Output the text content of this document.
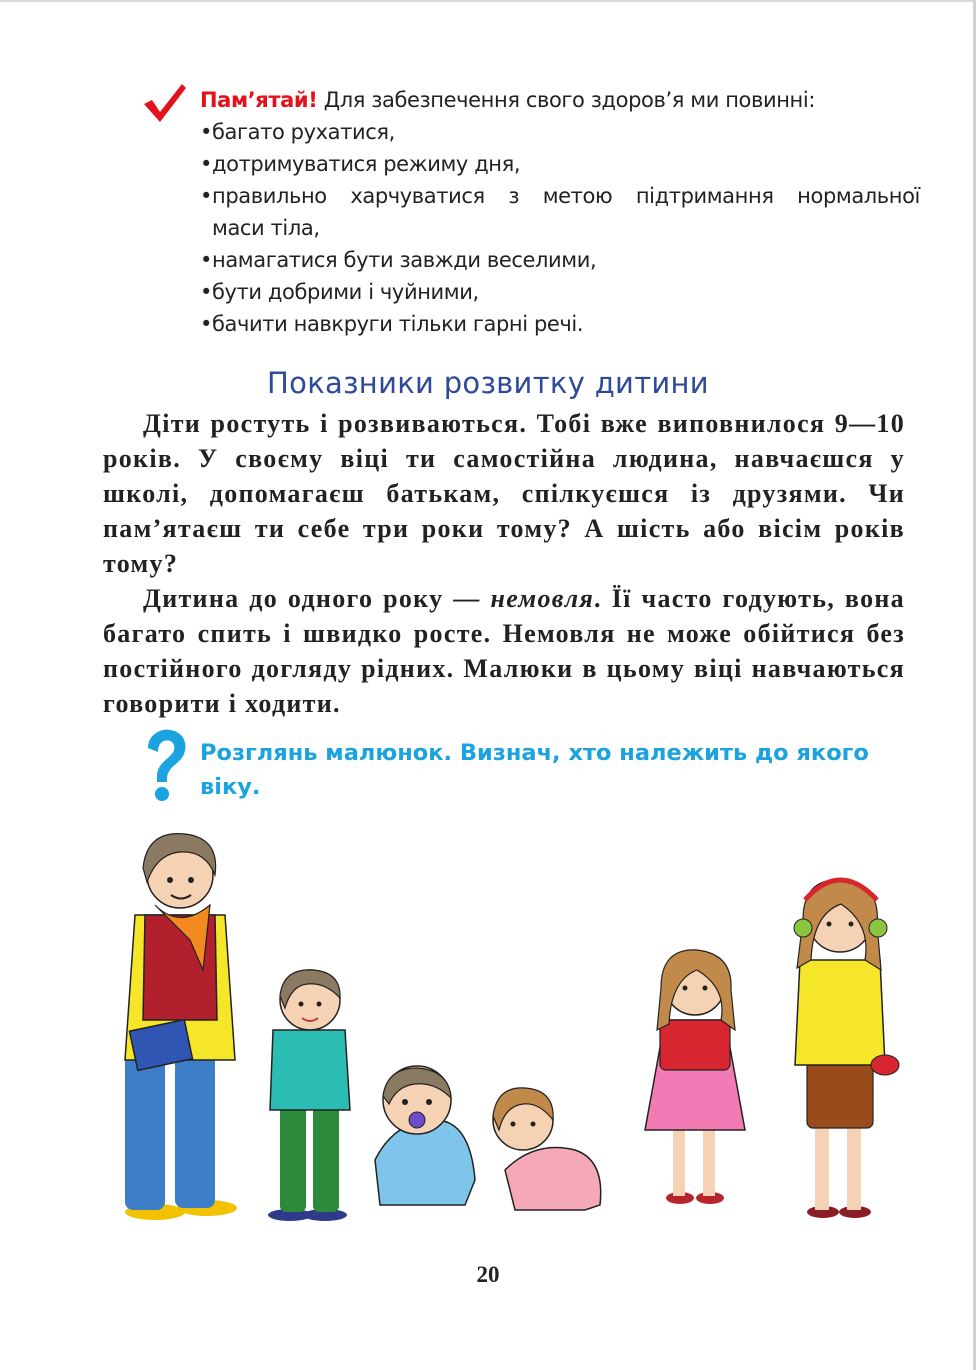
Пам’ятай! Для забезпечення свого здоров’я ми повинні:
• багато рухатися,
• дотримуватися режиму дня,
• правильно харчуватися з метою підтримання нормальної
маси тіла,
• намагатися бути завжди веселими,
• бути добрими і чуйними,
• бачити навкруги тільки гарні речі.
Показники розвитку дитини

Діти ростуть і розвиваються. Тобі вже виповнилося 9—10 років. У своєму віці ти самостійна людина, навчаєшся у школі, допомагаєш батькам, спілкуєшся із друзями. Чи пам’ятаєш ти себе три роки тому? А шість або вісім років тому?

Дитина до одного року — немовля. Її часто годують, вона багато спить і швидко росте. Немовля не може обійтися без постійного догляду рідних. Малюки в цьому віці навчаються говорити і ходити.

Розглянь малюнок. Визнач, хто належить до якого віку.
20
